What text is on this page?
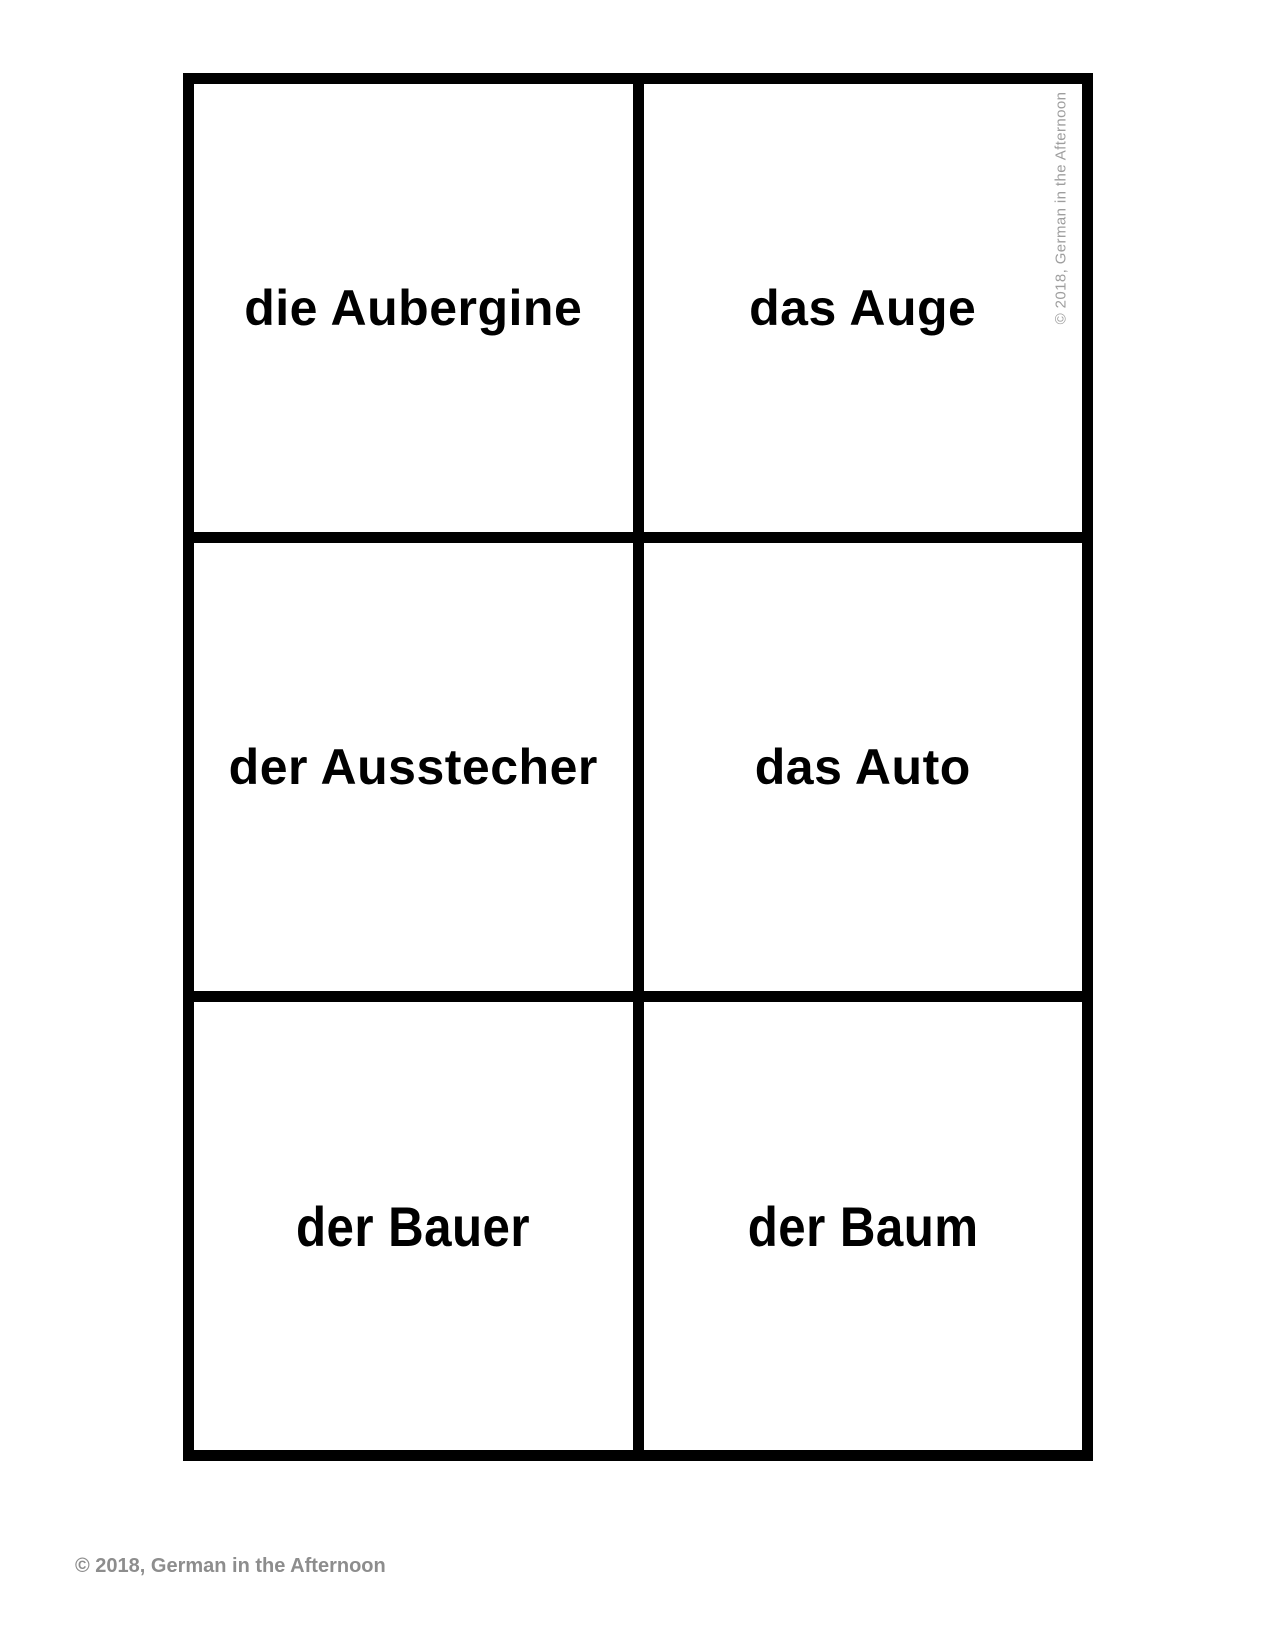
die Aubergine	das Auge
der Ausstecher	das Auto
der Bauer	der Baum
© 2018, German in the Afternoon
© 2018, German in the Afternoon
